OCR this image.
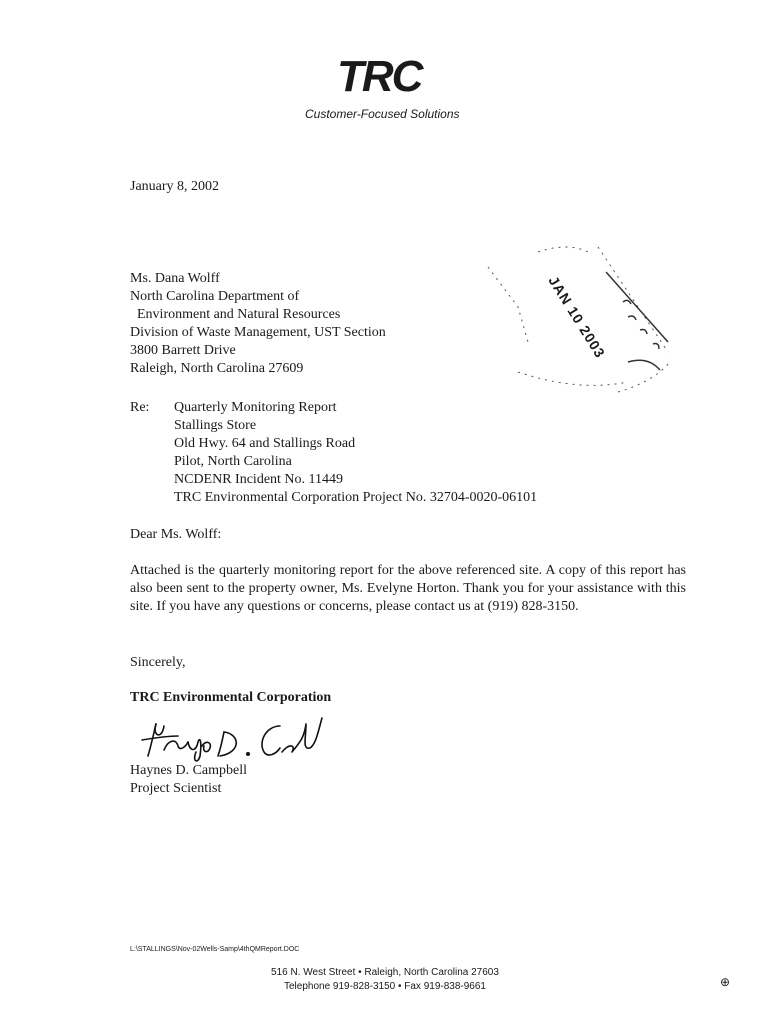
TRC
Customer-Focused Solutions
January 8, 2002
Ms. Dana Wolff
North Carolina Department of
Environment and Natural Resources
Division of Waste Management, UST Section
3800 Barrett Drive
Raleigh, North Carolina 27609
JAN 10 2003
Re: Quarterly Monitoring Report
Stallings Store
Old Hwy. 64 and Stallings Road
Pilot, North Carolina
NCDENR Incident No. 11449
TRC Environmental Corporation Project No. 32704-0020-06101
Dear Ms. Wolff:
Attached is the quarterly monitoring report for the above referenced site. A copy of this report has also been sent to the property owner, Ms. Evelyne Horton. Thank you for your assistance with this site. If you have any questions or concerns, please contact us at (919) 828-3150.
Sincerely,
TRC Environmental Corporation
Haynes D. Campbell
Project Scientist
L:\STALLINGS\Nov-02Wells-Samp\4thQMReport.DOC
516 N. West Street • Raleigh, North Carolina 27603
Telephone 919-828-3150 • Fax 919-838-9661	⊕
